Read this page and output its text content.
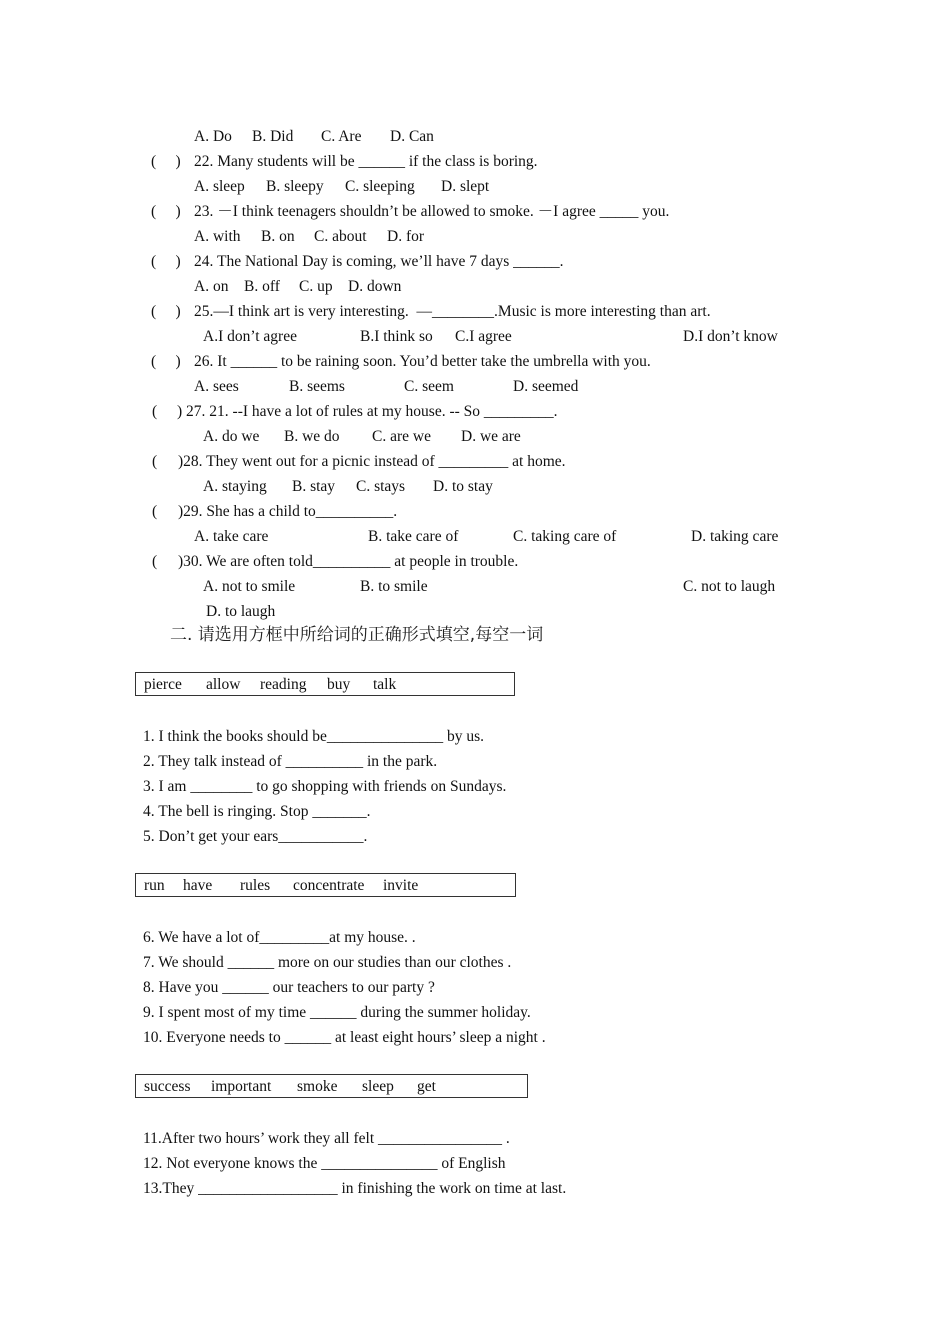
A. Do B. Did C. Are D. Can
(　 ) 22. Many students will be ______ if the class is boring.
A. sleep B. sleepy C. sleeping D. slept
(　 ) 23. －I think teenagers shouldn’t be allowed to smoke. －I agree _____ you.
A. with B. on C. about D. for
(　 ) 24. The National Day is coming, we’ll have 7 days ______.
A. on B. off C. up D. down
(　 ) 25.—I think art is very interesting.  —________.Music is more interesting than art.
A.I don’t agree	B.I think so C.I agree	D.I don’t know
(　 ) 26. It ______ to be raining soon. You’d better take the umbrella with you.
A. sees	B. seems	C. seem	D. seemed
( ) 27. 21. --I have a lot of rules at my house. -- So _________.
A. do we B. we do C. are we D. we are
( )28. They went out for a picnic instead of _________ at home.
A. staying B. stay C. stays D. to stay
( )29. She has a child to__________.
A. take care	B. take care of	C. taking care of	D. taking care
( )30. We are often told__________ at people in trouble.
A. not to smile	B. to smile	C. not to laugh
D. to laugh
二. 请选用方框中所给词的正确形式填空,每空一词
pierce allow reading buy talk
1. I think the books should be_______________ by us.
2. They talk instead of __________ in the park.
3. I am ________ to go shopping with friends on Sundays.
4. The bell is ringing. Stop _______.
5. Don’t get your ears___________.
run have rules concentrate invite
6. We have a lot of_________at my house. .
7. We should ______ more on our studies than our clothes .
8. Have you ______ our teachers to our party ?
9. I spent most of my time ______ during the summer holiday.
10. Everyone needs to ______ at least eight hours’ sleep a night .
success important smoke sleep get
11.After two hours’ work they all felt ________________ .
12. Not everyone knows the _______________ of English
13.They __________________ in finishing the work on time at last.
